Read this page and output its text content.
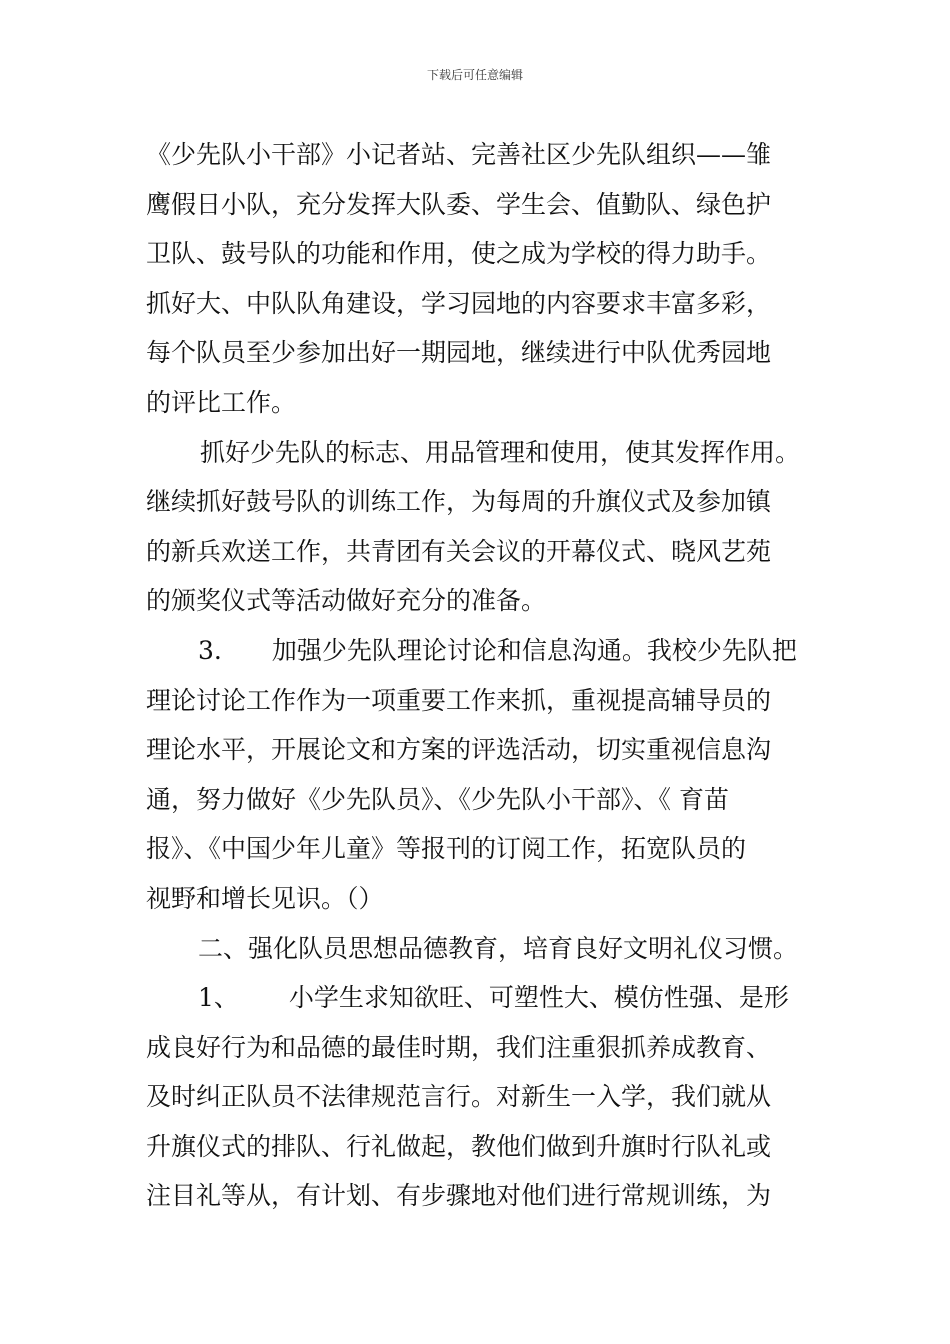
下载后可任意编辑
《少先队小干部》小记者站、完善社区少先队组织——雏
鹰假日小队，充分发挥大队委、学生会、值勤队、绿色护
卫队、鼓号队的功能和作用，使之成为学校的得力助手。
抓好大、中队队角建设，学习园地的内容要求丰富多彩，
每个队员至少参加出好一期园地，继续进行中队优秀园地
的评比工作。
抓好少先队的标志、用品管理和使用，使其发挥作用。
继续抓好鼓号队的训练工作，为每周的升旗仪式及参加镇
的新兵欢送工作，共青团有关会议的开幕仪式、晓风艺苑
的颁奖仪式等活动做好充分的准备。
3. 加强少先队理论讨论和信息沟通。我校少先队把
理论讨论工作作为一项重要工作来抓，重视提高辅导员的
理论水平，开展论文和方案的评选活动，切实重视信息沟
通，努力做好《少先队员》、《少先队小干部》、《 育苗
报》、《中国少年儿童》等报刊的订阅工作，拓宽队员的
视野和增长见识。（）
二、强化队员思想品德教育，培育良好文明礼仪习惯。
1、 小学生求知欲旺、可塑性大、模仿性强、是形
成良好行为和品德的最佳时期，我们注重狠抓养成教育、
及时纠正队员不法律规范言行。对新生一入学，我们就从
升旗仪式的排队、行礼做起，教他们做到升旗时行队礼或
注目礼等从，有计划、有步骤地对他们进行常规训练，为
